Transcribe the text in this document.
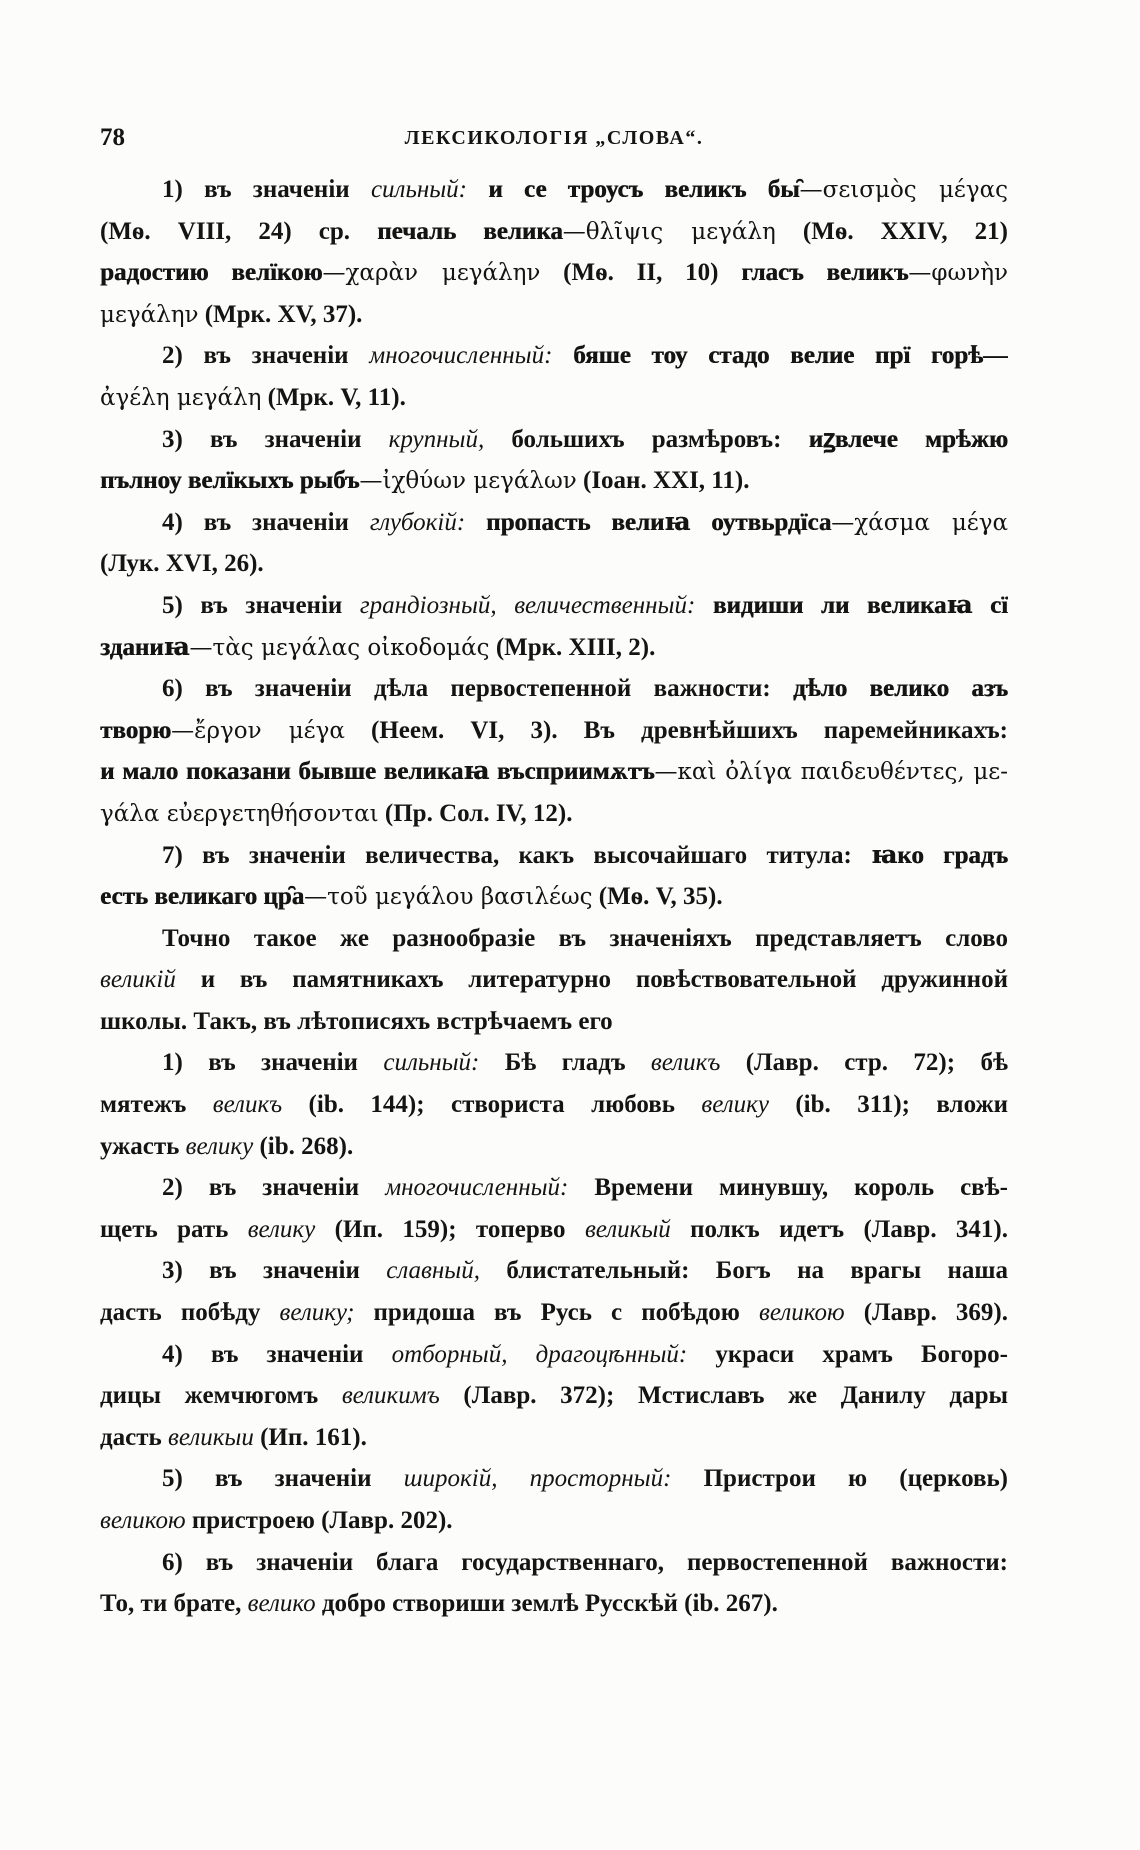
78	ЛЕКСИКОЛОГІЯ „СЛОВА“.
1) въ значеніи сильный: и се троусъ великъ бы̑—σεισμὸς μέγας
(Мѳ. VIII, 24) ср. печаль велика—θλῖψις μεγάλη (Мѳ. XXIV, 21)
радостию велїкою—χαρὰν μεγάλην (Мѳ. II, 10) гласъ великъ—φωνὴν
μεγάλην (Мрк. XV, 37).
2) въ значеніи многочисленный: бяше тоу стадо велие прї горѣ—
ἀγέλη μεγάλη (Мрк. V, 11).
3) въ значеніи крупный, большихъ размѣровъ: иꙁвлече мрѣжю
пълноу велїкыхъ рыбъ—ἰχθύων μεγάλων (Іоан. XXI, 11).
4) въ значеніи глубокій: пропасть велиꙗ оутвьрдїса—χάσμα μέγα
(Лук. XVI, 26).
5) въ значеніи грандіозный, величественный: видиши ли великаꙗ сї
зданиꙗ—τὰς μεγάλας οἰκοδομάς (Мрк. XIII, 2).
6) въ значеніи дѣла первостепенной важности: дѣло велико азъ
творю—ἔργον μέγα (Неем. VI, 3). Въ древнѣйшихъ паремейникахъ:
и мало показани бывше великаꙗ въсприимѫтъ—καὶ ὀλίγα παιδευθέντες, με-
γάλα εὐεργετηθήσονται (Пр. Сол. IV, 12).
7) въ значеніи величества, какъ высочайшаго титула: ꙗко градъ
есть великаго цр̑а—τοῦ μεγάλου βασιλέως (Мѳ. V, 35).
Точно такое же разнообразіе въ значеніяхъ представляетъ слово
великій и въ памятникахъ литературно повѣствовательной дружинной
школы. Такъ, въ лѣтописяхъ встрѣчаемъ его
1) въ значеніи сильный: Бѣ гладъ великъ (Лавр. стр. 72); бѣ
мятежъ великъ (ib. 144); створиста любовь велику (ib. 311); вложи
ужасть велику (ib. 268).
2) въ значеніи многочисленный: Времени минувшу, король свѣ-
щеть рать велику (Ип. 159); топерво великый полкъ идетъ (Лавр. 341).
3) въ значеніи славный, блистательный: Богъ на врагы наша
дасть побѣду велику; придоша въ Русь с побѣдою великою (Лавр. 369).
4) въ значеніи отборный, драгоцѣнный: украси храмъ Богоро-
дицы жемчюгомъ великимъ (Лавр. 372); Мстиславъ же Данилу дары
дасть великыи (Ип. 161).
5) въ значеніи широкій, просторный: Пристрои ю (церковь)
великою пристроею (Лавр. 202).
6) въ значеніи блага государственнаго, первостепенной важности:
То, ти брате, велико добро створиши землѣ Русскѣй (ib. 267).
